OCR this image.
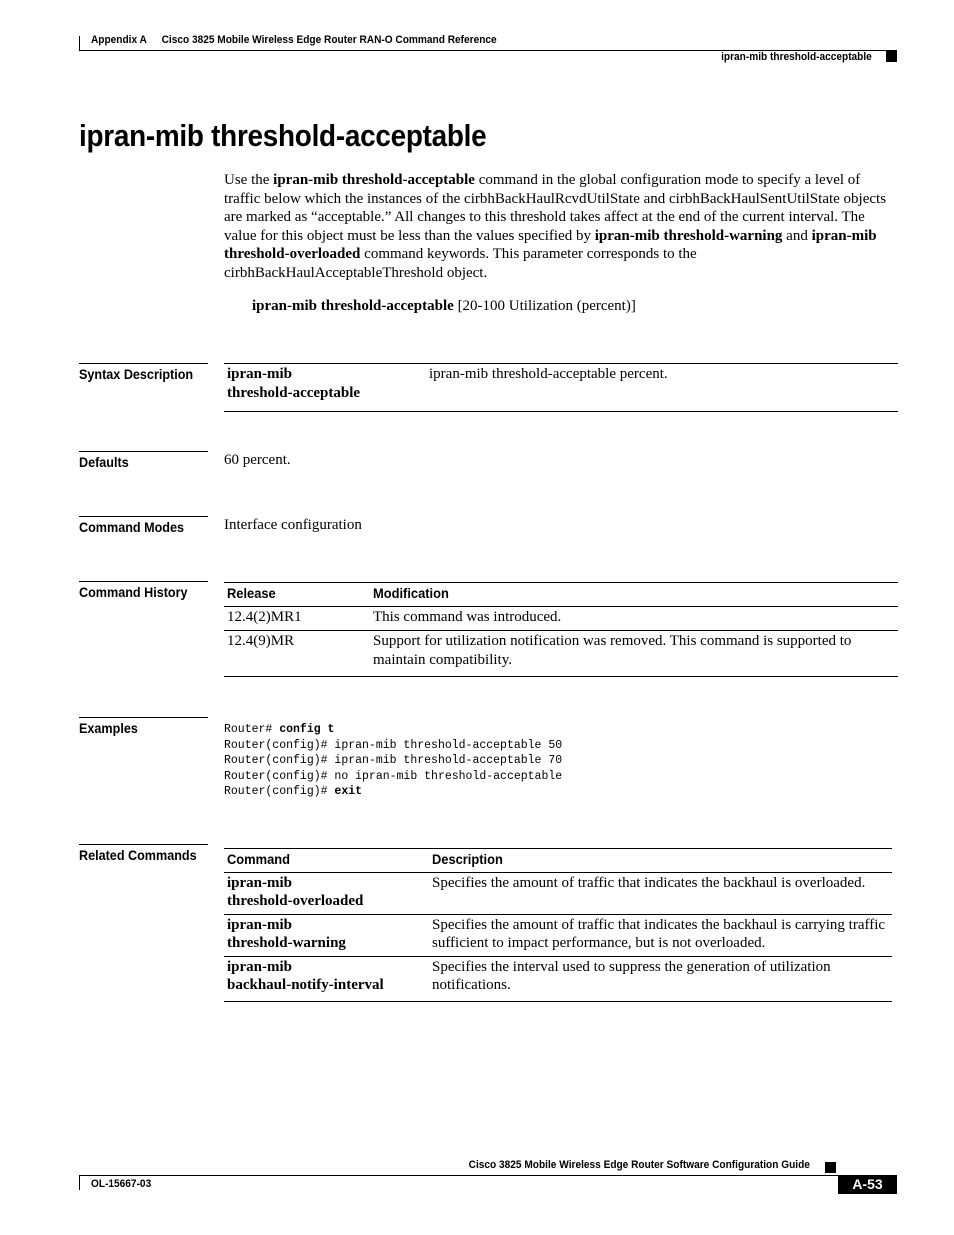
Appendix A Cisco 3825 Mobile Wireless Edge Router RAN-O Command Reference
ipran-mib threshold-acceptable
ipran-mib threshold-acceptable

Use the ipran-mib threshold-acceptable command in the global configuration mode to specify a level of traffic below which the instances of the cirbhBackHaulRcvdUtilState and cirbhBackHaulSentUtilState objects are marked as “acceptable.” All changes to this threshold takes affect at the end of the current interval. The value for this object must be less than the values specified by ipran-mib threshold-warning and ipran-mib threshold-overloaded command keywords. This parameter corresponds to the cirbhBackHaulAcceptableThreshold object.

ipran-mib threshold-acceptable [20-100 Utilization (percent)]
Syntax Description	ipran-mib
threshold-acceptable	ipran-mib threshold-acceptable percent.
Defaults	60 percent.
Command Modes	Interface configuration
Command History	Release	Modification
12.4(2)MR1	This command was introduced.
12.4(9)MR	Support for utilization notification was removed. This command is supported to maintain compatibility.
Examples	Router# config t
Router(config)# ipran-mib threshold-acceptable 50
Router(config)# ipran-mib threshold-acceptable 70
Router(config)# no ipran-mib threshold-acceptable
Router(config)# exit
Related Commands	Command	Description
ipran-mib
threshold-overloaded	Specifies the amount of traffic that indicates the backhaul is overloaded.
ipran-mib
threshold-warning	Specifies the amount of traffic that indicates the backhaul is carrying traffic sufficient to impact performance, but is not overloaded.
ipran-mib
backhaul-notify-interval	Specifies the interval used to suppress the generation of utilization notifications.
Cisco 3825 Mobile Wireless Edge Router Software Configuration Guide
OL-15667-03	A-53
